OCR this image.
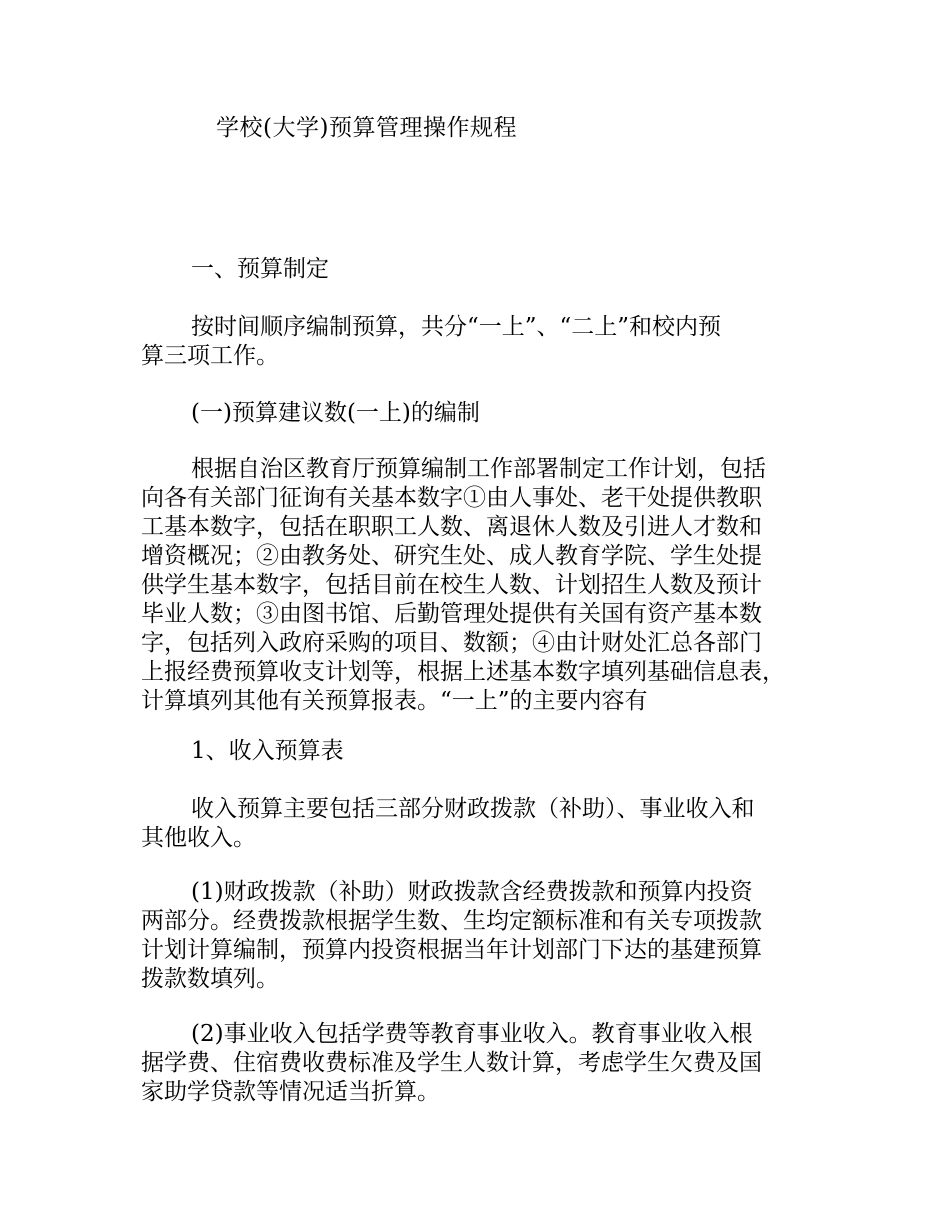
学校(大学)预算管理操作规程
一、预算制定
按时间顺序编制预算，共分“一上”、“二上”和校内预
算三项工作。
(一)预算建议数(一上)的编制
根据自治区教育厅预算编制工作部署制定工作计划，包括
向各有关部门征询有关基本数字①由人事处、老干处提供教职
工基本数字，包括在职职工人数、离退休人数及引进人才数和
增资概况；②由教务处、研究生处、成人教育学院、学生处提
供学生基本数字，包括目前在校生人数、计划招生人数及预计
毕业人数；③由图书馆、后勤管理处提供有关国有资产基本数
字，包括列入政府采购的项目、数额；④由计财处汇总各部门
上报经费预算收支计划等，根据上述基本数字填列基础信息表，
计算填列其他有关预算报表。“一上”的主要内容有
1、收入预算表
收入预算主要包括三部分财政拨款（补助）、事业收入和
其他收入。
(1)财政拨款（补助）财政拨款含经费拨款和预算内投资
两部分。经费拨款根据学生数、生均定额标准和有关专项拨款
计划计算编制，预算内投资根据当年计划部门下达的基建预算
拨款数填列。
(2)事业收入包括学费等教育事业收入。教育事业收入根
据学费、住宿费收费标准及学生人数计算，考虑学生欠费及国
家助学贷款等情况适当折算。
